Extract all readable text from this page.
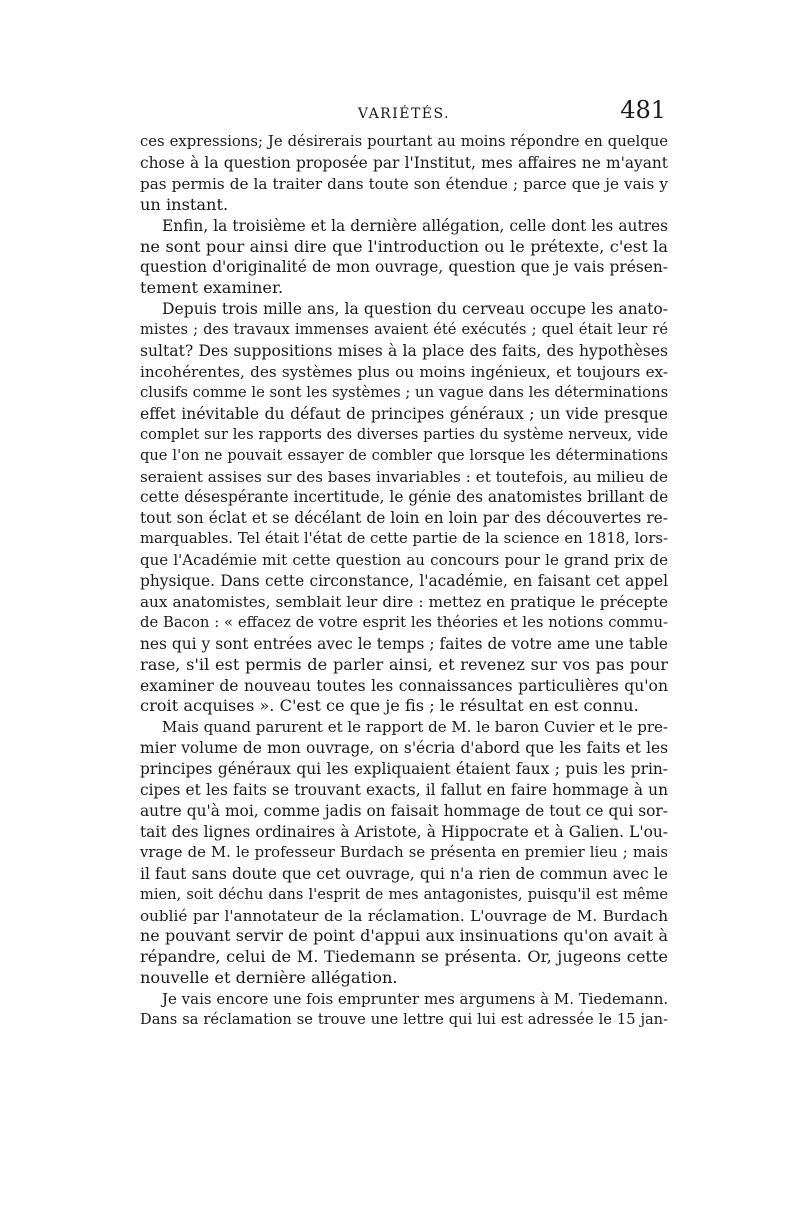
VARIÉTÉS.	481

ces expressions; Je désirerais pourtant au moins répondre en quelque

chose à la question proposée par l'Institut, mes affaires ne m'ayant

pas permis de la traiter dans toute son étendue ; parce que je vais y

un instant.

Enfin, la troisième et la dernière allégation, celle dont les autres

ne sont pour ainsi dire que l'introduction ou le prétexte, c'est la

question d'originalité de mon ouvrage, question que je vais présen-

tement examiner.

Depuis trois mille ans, la question du cerveau occupe les anato-

mistes ; des travaux immenses avaient été exécutés ; quel était leur ré

sultat? Des suppositions mises à la place des faits, des hypothèses

incohérentes, des systèmes plus ou moins ingénieux, et toujours ex-

clusifs comme le sont les systèmes ; un vague dans les déterminations

effet inévitable du défaut de principes généraux ; un vide presque

complet sur les rapports des diverses parties du système nerveux, vide

que l'on ne pouvait essayer de combler que lorsque les déterminations

seraient assises sur des bases invariables : et toutefois, au milieu de

cette désespérante incertitude, le génie des anatomistes brillant de

tout son éclat et se décélant de loin en loin par des découvertes re-

marquables. Tel était l'état de cette partie de la science en 1818, lors-

que l'Académie mit cette question au concours pour le grand prix de

physique. Dans cette circonstance, l'académie, en faisant cet appel

aux anatomistes, semblait leur dire : mettez en pratique le précepte

de Bacon : « effacez de votre esprit les théories et les notions commu-

nes qui y sont entrées avec le temps ; faites de votre ame une table

rase, s'il est permis de parler ainsi, et revenez sur vos pas pour

examiner de nouveau toutes les connaissances particulières qu'on

croit acquises ». C'est ce que je fis ; le résultat en est connu.

Mais quand parurent et le rapport de M. le baron Cuvier et le pre-

mier volume de mon ouvrage, on s'écria d'abord que les faits et les

principes généraux qui les expliquaient étaient faux ; puis les prin-

cipes et les faits se trouvant exacts, il fallut en faire hommage à un

autre qu'à moi, comme jadis on faisait hommage de tout ce qui sor-

tait des lignes ordinaires à Aristote, à Hippocrate et à Galien. L'ou-

vrage de M. le professeur Burdach se présenta en premier lieu ; mais

il faut sans doute que cet ouvrage, qui n'a rien de commun avec le

mien, soit déchu dans l'esprit de mes antagonistes, puisqu'il est même

oublié par l'annotateur de la réclamation. L'ouvrage de M. Burdach

ne pouvant servir de point d'appui aux insinuations qu'on avait à

répandre, celui de M. Tiedemann se présenta. Or, jugeons cette

nouvelle et dernière allégation.

Je vais encore une fois emprunter mes argumens à M. Tiedemann.

Dans sa réclamation se trouve une lettre qui lui est adressée le 15 jan-
